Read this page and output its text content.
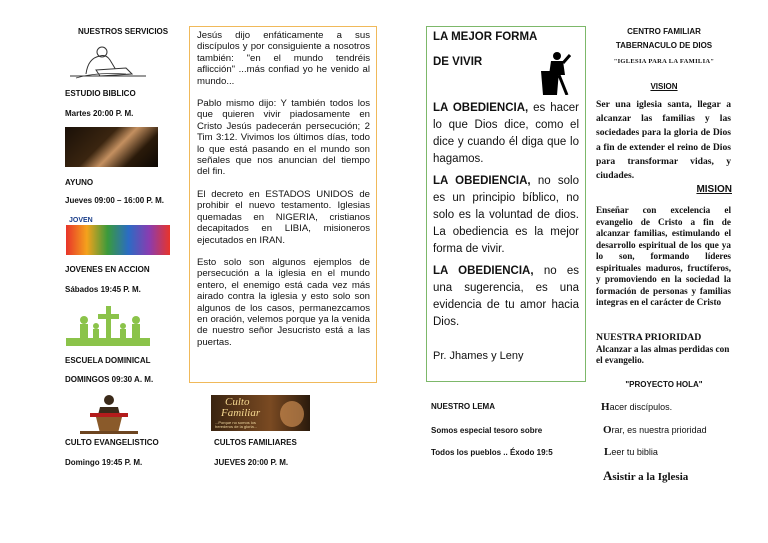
NUESTROS SERVICIOS
ESTUDIO BIBLICO
Martes 20:00 P. M.
AYUNO
Jueves 09:00 – 16:00 P. M.
JOVEN
JOVENES EN ACCION
Sábados 19:45 P. M.
ESCUELA DOMINICAL
DOMINGOS 09:30 A. M.
CULTO EVANGELISTICO
Domingo 19:45 P. M.

Jesús dijo enfáticamente a sus discípulos y por consiguiente a nosotros también: "en el mundo tendréis aflicción" ...más confiad yo he venido al mundo...

Pablo mismo dijo: Y también todos los que quieren vivir piadosamente en Cristo Jesús padecerán persecución; 2 Tim 3:12. Vivimos los últimos días, todo lo que está pasando en el mundo son señales que nos anuncian del tiempo del fin.

El decreto en ESTADOS UNIDOS de prohibir el nuevo testamento. Iglesias quemadas en NIGERIA, cristianos decapitados en LIBIA, misioneros ejecutados en IRAN.

Esto solo son algunos ejemplos de persecución a la iglesia en el mundo entero, el enemigo está cada vez más airado contra la iglesia y esto solo son algunos de los casos, permanezcamos en oración, velemos porque ya la venida de nuestro señor Jesucristo está a las puertas.

Culto
Familiar
...Porque no somos los herederos de la gloria...
CULTOS FAMILIARES
JUEVES 20:00 P. M.
LA MEJOR FORMA
DE VIVIR
LA OBEDIENCIA, es hacer lo que Dios dice, como el dice y cuando él diga que lo hagamos.
LA OBEDIENCIA, no solo es un principio bíblico, no solo es la voluntad de dios. La obediencia es la mejor forma de vivir.
LA OBEDIENCIA, no es una sugerencia, es una evidencia de tu amor hacia Dios.
Pr. Jhames y Leny
NUESTRO LEMA
Somos especial tesoro sobre
Todos los pueblos .. Éxodo 19:5
CENTRO FAMILIAR
TABERNACULO DE DIOS
"IGLESIA PARA LA FAMILIA"
VISION
Ser una iglesia santa, llegar a alcanzar las familias y las sociedades para la gloria de Dios a fin de extender el reino de Dios para transformar vidas, y ciudades.
MISION
Enseñar con excelencia el evangelio de Cristo a fin de alcanzar familias, estimulando el desarrollo espiritual de los que ya lo son, formando líderes espirituales maduros, fructíferos, y promoviendo en la sociedad la formación de personas y familias integras en el carácter de Cristo
NUESTRA PRIORIDAD
Alcanzar a las almas perdidas con el evangelio.
"PROYECTO HOLA"
Hacer discípulos.
Orar, es nuestra prioridad
Leer tu biblia
Asistir a la Iglesia
